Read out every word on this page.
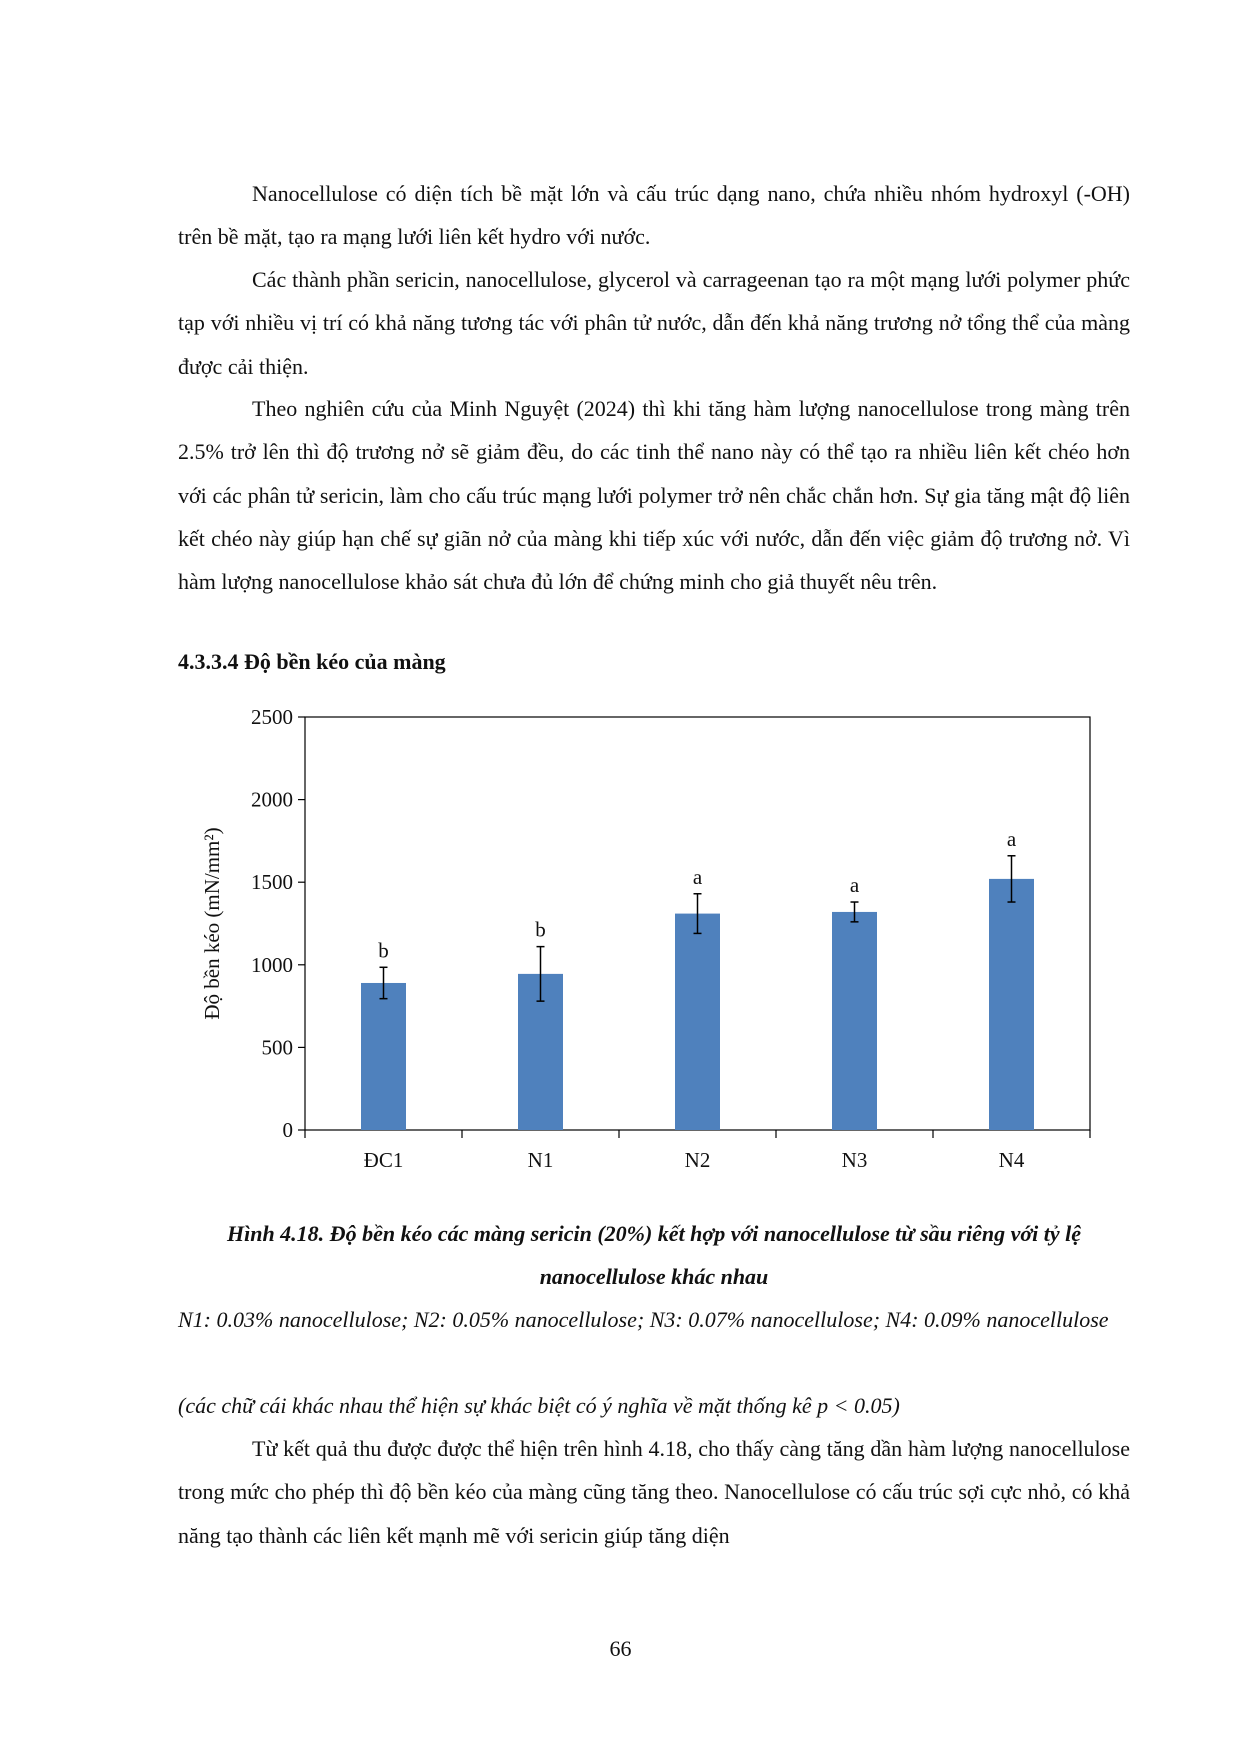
Nanocellulose có diện tích bề mặt lớn và cấu trúc dạng nano, chứa nhiều nhóm hydroxyl (-OH) trên bề mặt, tạo ra mạng lưới liên kết hydro với nước.

Các thành phần sericin, nanocellulose, glycerol và carrageenan tạo ra một mạng lưới polymer phức tạp với nhiều vị trí có khả năng tương tác với phân tử nước, dẫn đến khả năng trương nở tổng thể của màng được cải thiện.

Theo nghiên cứu của Minh Nguyệt (2024) thì khi tăng hàm lượng nanocellulose trong màng trên 2.5% trở lên thì độ trương nở sẽ giảm đều, do các tinh thể nano này có thể tạo ra nhiều liên kết chéo hơn với các phân tử sericin, làm cho cấu trúc mạng lưới polymer trở nên chắc chắn hơn. Sự gia tăng mật độ liên kết chéo này giúp hạn chế sự giãn nở của màng khi tiếp xúc với nước, dẫn đến việc giảm độ trương nở. Vì hàm lượng nanocellulose khảo sát chưa đủ lớn để chứng minh cho giả thuyết nêu trên.

4.3.3.4 Độ bền kéo của màng

0
500
1000
1500
2000
2500
Độ bền kéo (mN/mm²)	b
ĐC1
b
N1
a
N2
a
N3
a
N4

Hình 4.18. Độ bền kéo các màng sericin (20%) kết hợp với nanocellulose từ sầu riêng với tỷ lệ nanocellulose khác nhau

N1: 0.03% nanocellulose; N2: 0.05% nanocellulose; N3: 0.07% nanocellulose; N4: 0.09% nanocellulose

(các chữ cái khác nhau thể hiện sự khác biệt có ý nghĩa về mặt thống kê p < 0.05)

Từ kết quả thu được được thể hiện trên hình 4.18, cho thấy càng tăng dần hàm lượng nanocellulose trong mức cho phép thì độ bền kéo của màng cũng tăng theo. Nanocellulose có cấu trúc sợi cực nhỏ, có khả năng tạo thành các liên kết mạnh mẽ với sericin giúp tăng diện

66
